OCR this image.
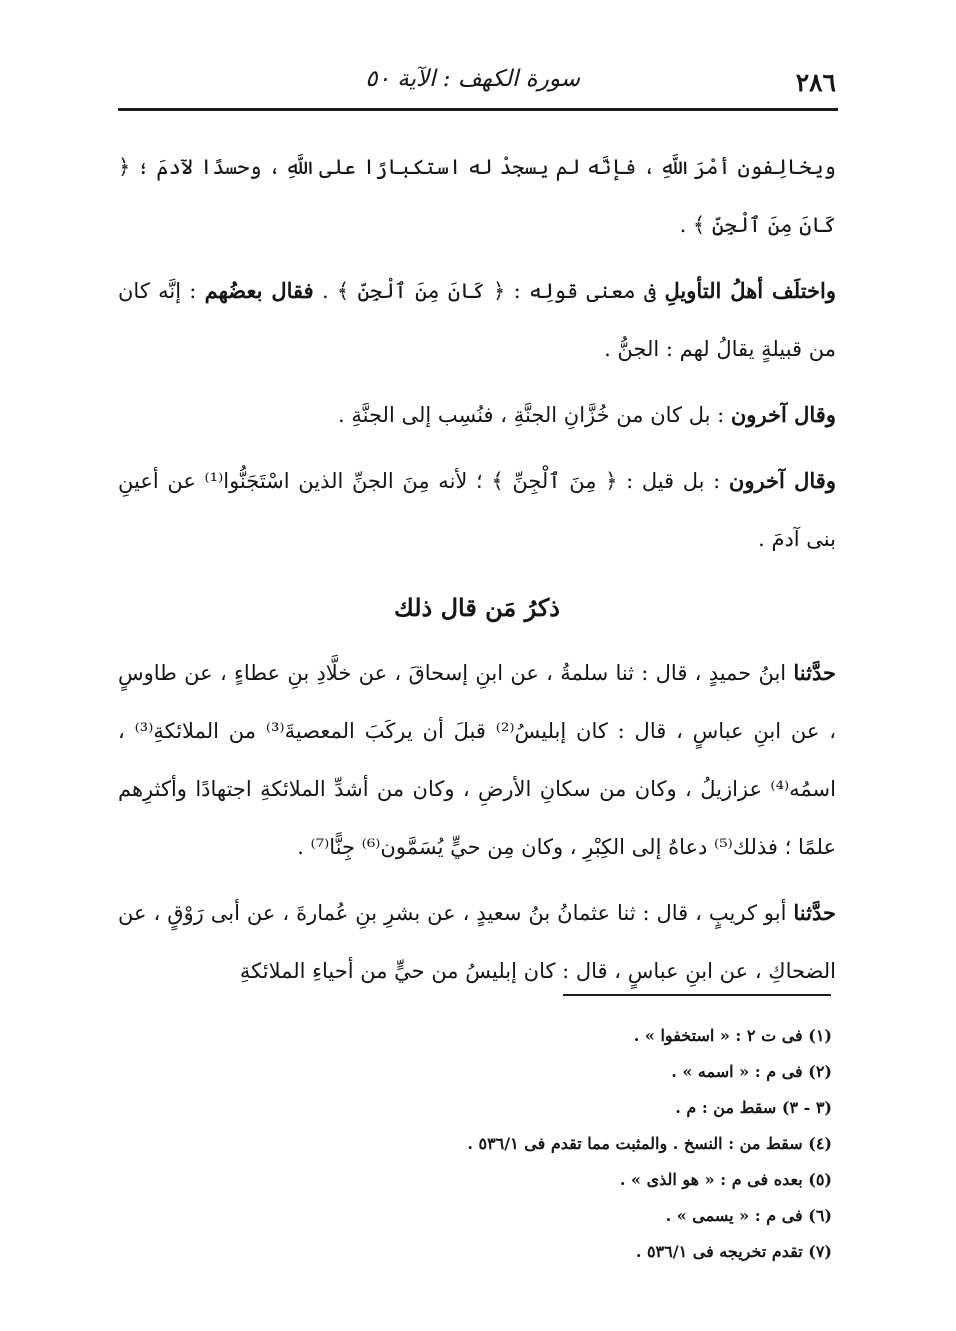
٢٨٦
سورة الكهف : الآية ٥٠

ويخالِفون أمْرَ اللَّهِ ، فإنَّه لم يسجدْ له استكبارًا على اللَّهِ ، وحسدًا لآدمَ ؛ ﴿ كَانَ مِنَ ٱلْجِنِّ ﴾ .

واختلَف أهلُ التأويلِ فى معنى قولِه : ﴿ كَانَ مِنَ ٱلْجِنِّ ﴾ . فقال بعضُهم : إنَّه كان من قبيلةٍ يقالُ لهم : الجنُّ .

وقال آخرون : بل كان من خُزَّانِ الجنَّةِ ، فنُسِب إلى الجنَّةِ .

وقال آخرون : بل قيل : ﴿ مِنَ ٱلْجِنِّ ﴾ ؛ لأنه مِنَ الجنِّ الذين اسْتَجَنُّوا⁽¹⁾ عن أعينِ بنى آدمَ .

ذكرُ مَن قال ذلك

حدَّثنا ابنُ حميدٍ ، قال : ثنا سلمةُ ، عن ابنِ إسحاقَ ، عن خلَّادِ بنِ عطاءٍ ، عن طاوسٍ ، عن ابنِ عباسٍ ، قال : كان إبليسُ⁽²⁾ قبلَ أن يركَبَ المعصيةَ⁽³⁾ من الملائكةِ⁽³⁾ ، اسمُه⁽⁴⁾ عزازيلُ ، وكان من سكانِ الأرضِ ، وكان من أشدِّ الملائكةِ اجتهادًا وأكثرِهم علمًا ؛ فذلك⁽⁵⁾ دعاهُ إلى الكِبْرِ ، وكان مِن حيٍّ يُسَمَّون⁽⁶⁾ جِنًّا⁽⁷⁾ .

حدَّثنا أبو كريبٍ ، قال : ثنا عثمانُ بنُ سعيدٍ ، عن بشرِ بنِ عُمارةَ ، عن أبى رَوْقٍ ، عن الضحاكِ ، عن ابنِ عباسٍ ، قال : كان إبليسُ من حيٍّ من أحياءِ الملائكةِ

(١) فى ت ٢ : « استخفوا » .
(٢) فى م : « اسمه » .
(٣ - ٣) سقط من : م .
(٤) سقط من : النسخ . والمثبت مما تقدم فى ٥٣٦/١ .
(٥) بعده فى م : « هو الذى » .
(٦) فى م : « يسمى » .
(٧) تقدم تخريجه فى ٥٣٦/١ .
